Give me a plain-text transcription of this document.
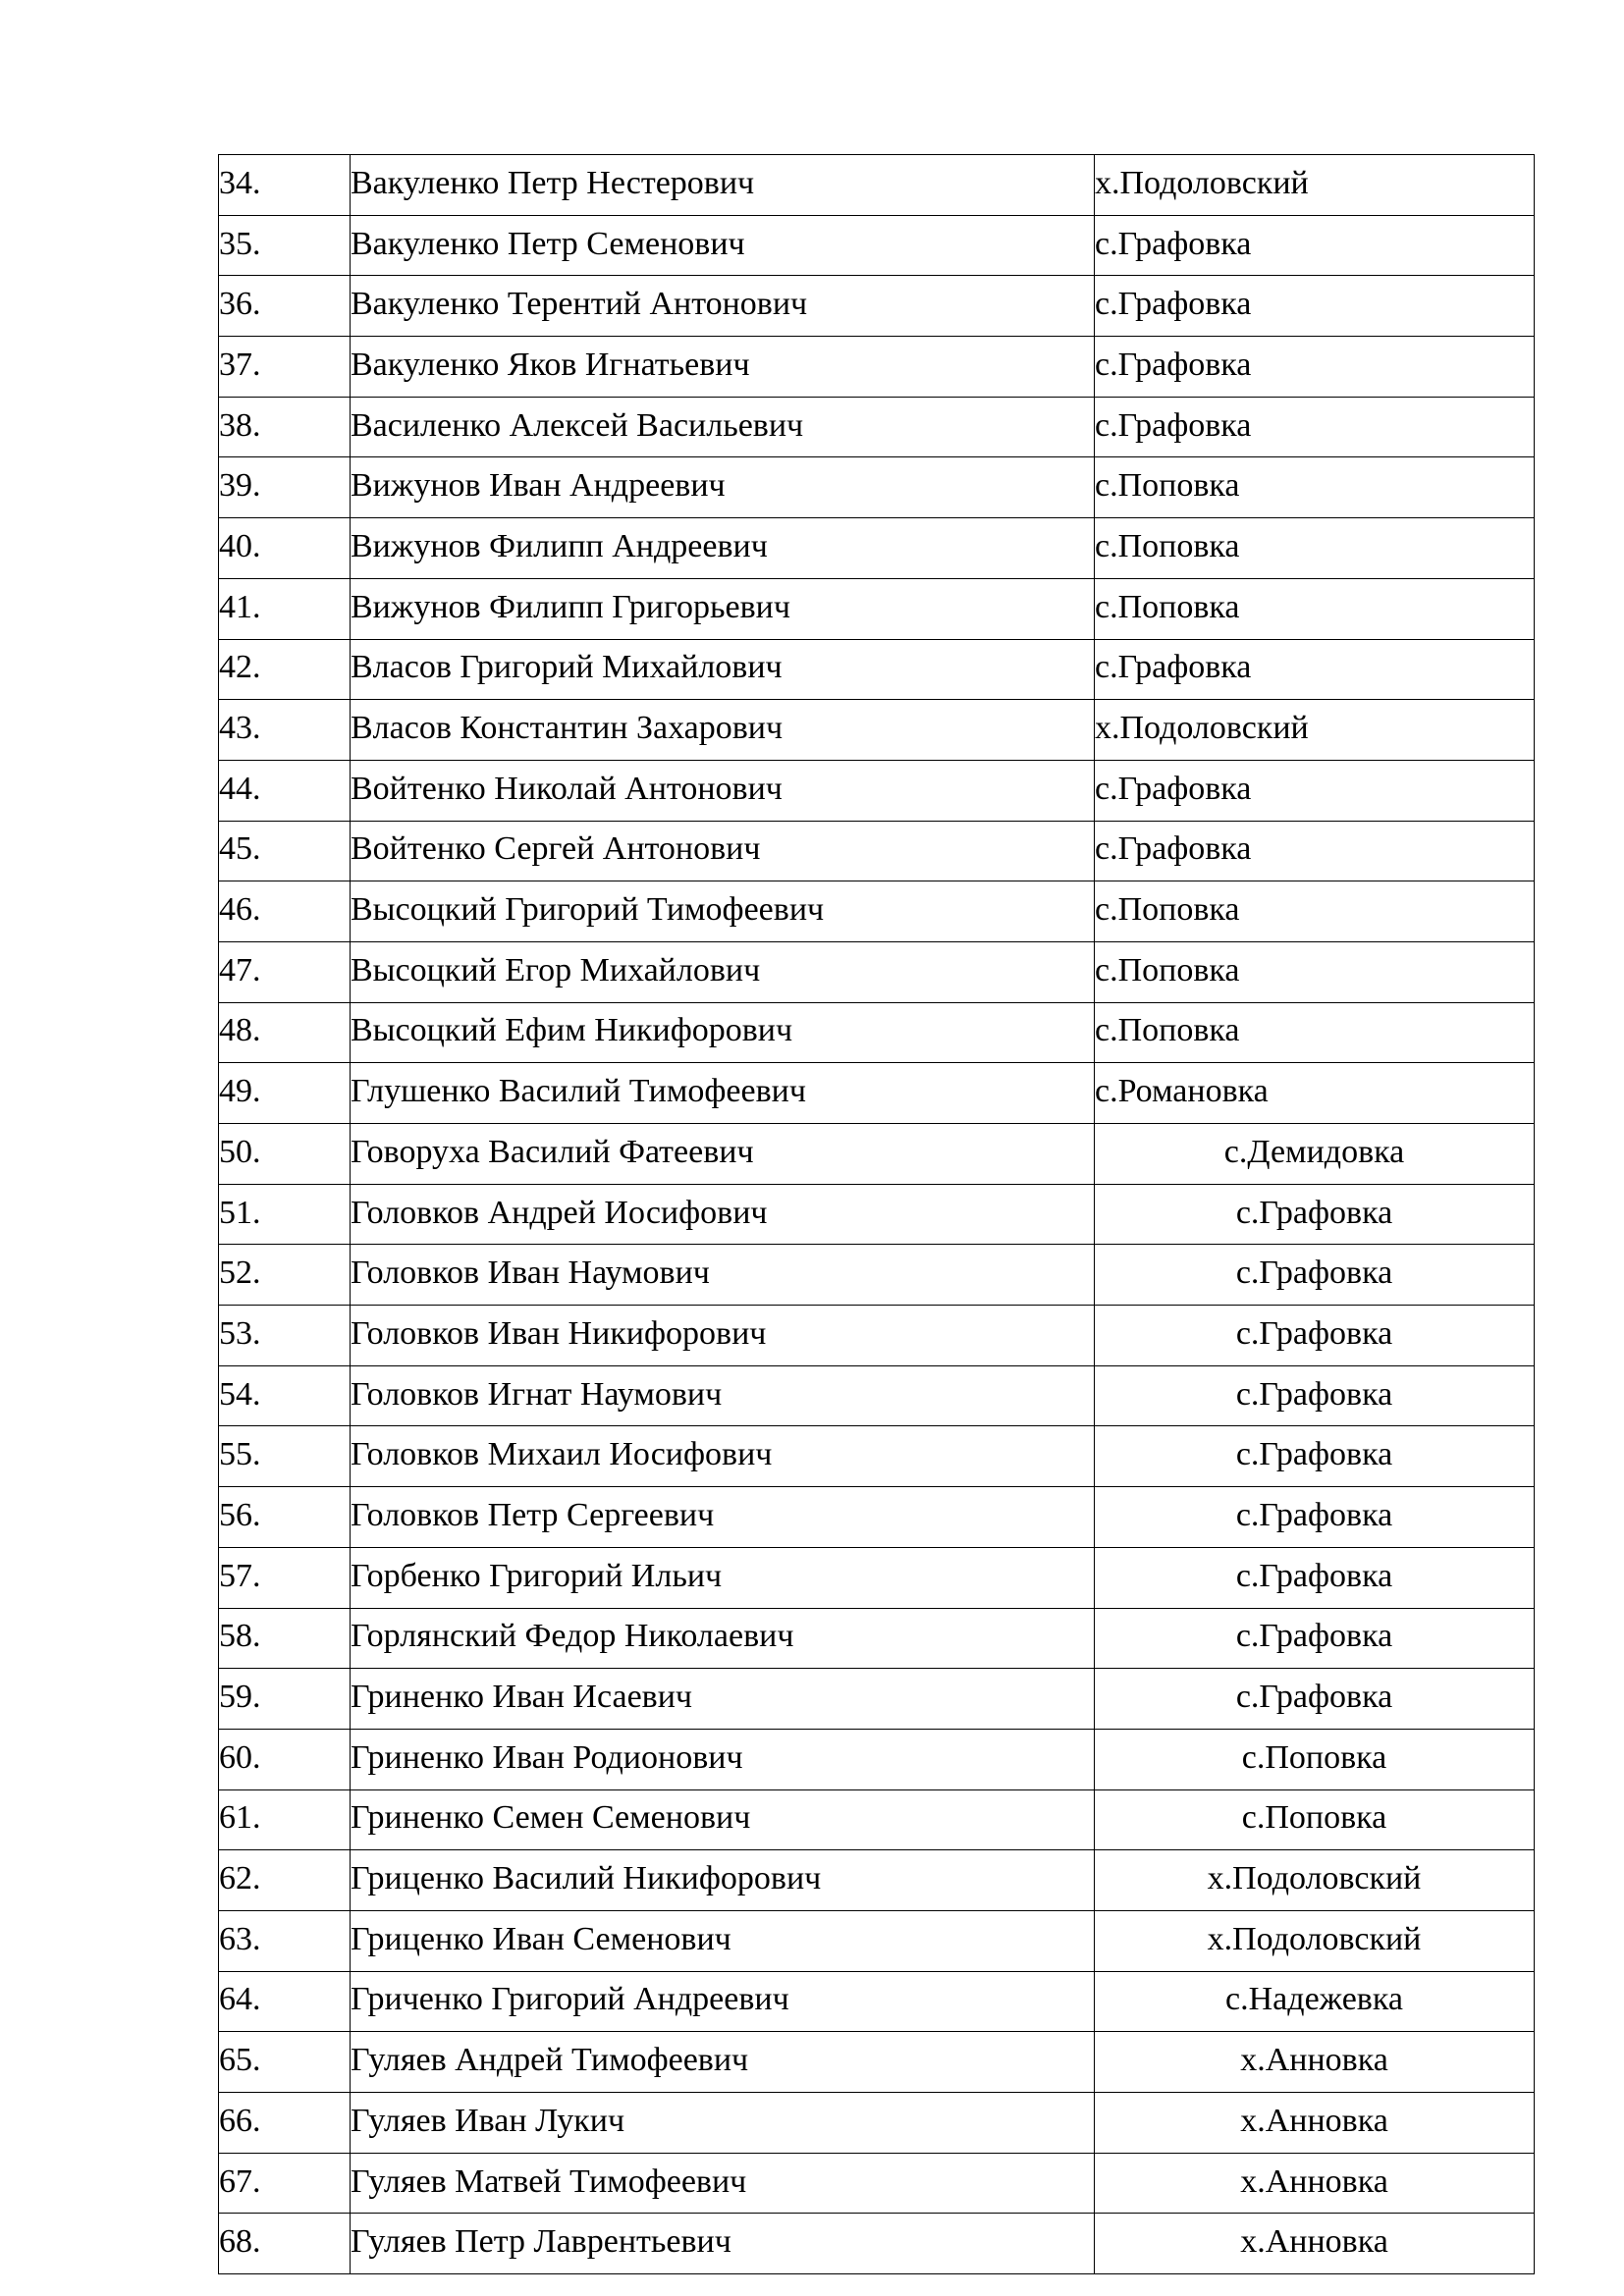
34.	Вакуленко Петр Нестерович	х.Подоловский
35.	Вакуленко Петр Семенович	с.Графовка
36.	Вакуленко Терентий Антонович	с.Графовка
37.	Вакуленко Яков Игнатьевич	с.Графовка
38.	Василенко Алексей Васильевич	с.Графовка
39.	Вижунов Иван Андреевич	с.Поповка
40.	Вижунов Филипп Андреевич	с.Поповка
41.	Вижунов Филипп Григорьевич	с.Поповка
42.	Власов Григорий Михайлович	с.Графовка
43.	Власов Константин Захарович	х.Подоловский
44.	Войтенко Николай Антонович	с.Графовка
45.	Войтенко Сергей Антонович	с.Графовка
46.	Высоцкий Григорий Тимофеевич	с.Поповка
47.	Высоцкий Егор Михайлович	с.Поповка
48.	Высоцкий Ефим Никифорович	с.Поповка
49.	Глушенко Василий Тимофеевич	с.Романовка
50.	Говоруха Василий Фатеевич	с.Демидовка
51.	Головков Андрей Иосифович	с.Графовка
52.	Головков Иван Наумович	с.Графовка
53.	Головков Иван Никифорович	с.Графовка
54.	Головков Игнат Наумович	с.Графовка
55.	Головков Михаил Иосифович	с.Графовка
56.	Головков Петр Сергеевич	с.Графовка
57.	Горбенко Григорий Ильич	с.Графовка
58.	Горлянский Федор Николаевич	с.Графовка
59.	Гриненко Иван Исаевич	с.Графовка
60.	Гриненко Иван Родионович	с.Поповка
61.	Гриненко Семен Семенович	с.Поповка
62.	Гриценко Василий Никифорович	х.Подоловский
63.	Гриценко Иван Семенович	х.Подоловский
64.	Гриченко Григорий Андреевич	с.Надежевка
65.	Гуляев Андрей Тимофеевич	х.Анновка
66.	Гуляев Иван Лукич	х.Анновка
67.	Гуляев Матвей Тимофеевич	х.Анновка
68.	Гуляев Петр Лаврентьевич	х.Анновка
